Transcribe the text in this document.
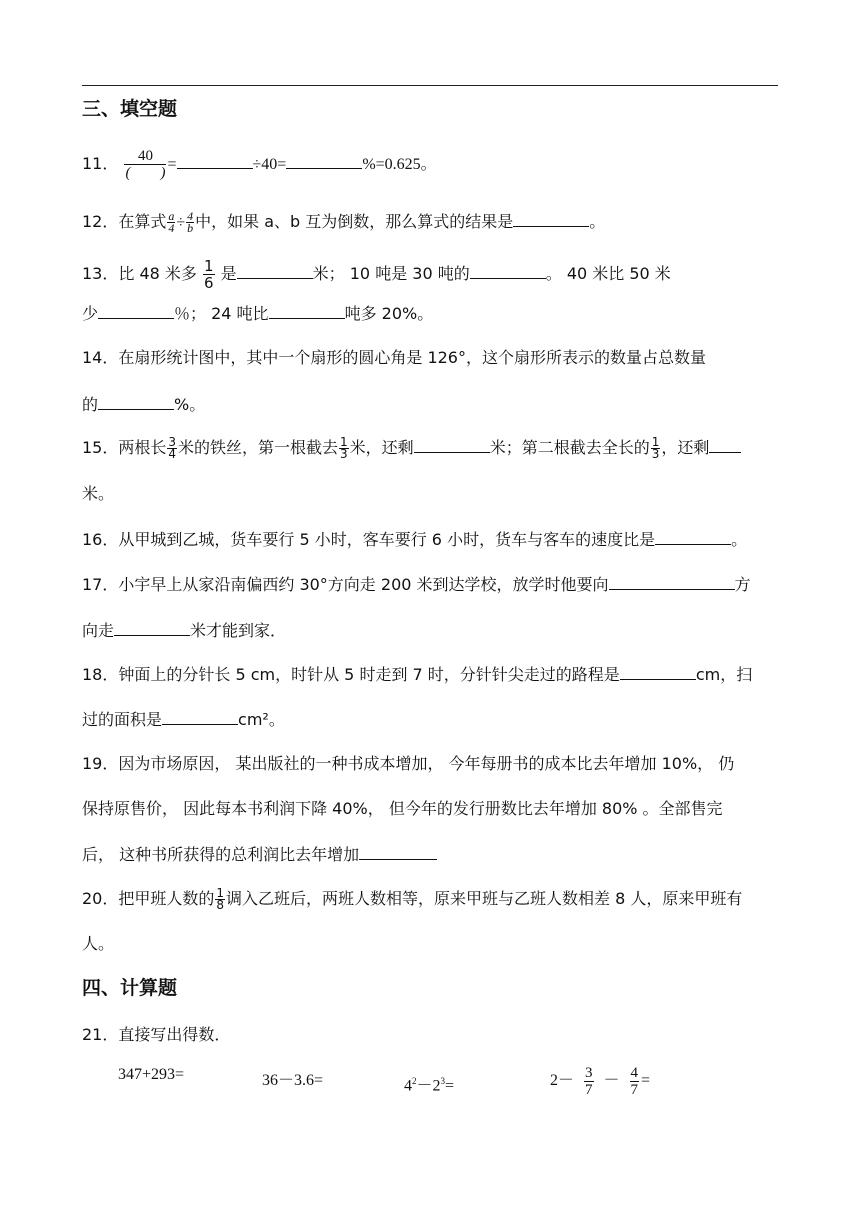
三、填空题
11． $\frac{40}{( )}$ =	÷40=	%=0.625。
12．在算式 $\frac{a}{4} \div \frac{4}{b}$ 中，如果 a、b 互为倒数，那么算式的结果是	。
13．比 48 米多 $\frac{1}{6}$ 是	米； 10 吨是 30 吨的	。 40 米比 50 米
少	％； 24 吨比	吨多 20%。
14．在扇形统计图中，其中一个扇形的圆心角是 126°，这个扇形所表示的数量占总数量
的	%。
15．两根长 $\frac{3}{4}$ 米的铁丝，第一根截去 $\frac{1}{3}$ 米，还剩	米；第二根截去全长的 $\frac{1}{3}$ ，还剩
米。
16．从甲城到乙城，货车要行 5 小时，客车要行 6 小时，货车与客车的速度比是	。
17．小宇早上从家沿南偏西约 30°方向走 200 米到达学校，放学时他要向	方
向走	米才能到家．
18．钟面上的分针长 5 cm，时针从 5 时走到 7 时，分针针尖走过的路程是	cm，扫
过的面积是	cm²。
19．因为市场原因， 某出版社的一种书成本增加， 今年每册书的成本比去年增加 10%， 仍
保持原售价， 因此每本书利润下降 40%， 但今年的发行册数比去年增加 80% 。全部售完
后， 这种书所获得的总利润比去年增加
20．把甲班人数的 $\frac{1}{8}$ 调入乙班后，两班人数相等，原来甲班与乙班人数相差 8 人，原来甲班有
人。
四、计算题
21．直接写出得数．
347+293=	36－3.6=	$4^2-2^3=$	$2- \frac{3}{7} - \frac{4}{7}$ =
